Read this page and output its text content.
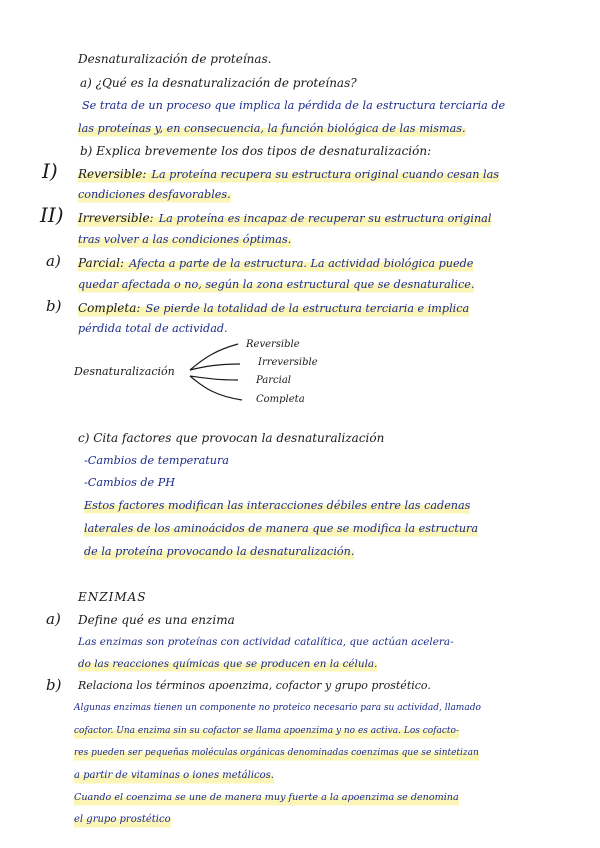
Desnaturalización de proteínas.
a) ¿Qué es la desnaturalización de proteínas?
Se trata de un proceso que implica la pérdida de la estructura terciaria de
las proteínas y, en consecuencia, la función biológica de las mismas.
b) Explica brevemente los dos tipos de desnaturalización:
I) Reversible: La proteína recupera su estructura original cuando cesan las
condiciones desfavorables.
II) Irreversible: La proteína es incapaz de recuperar su estructura original
tras volver a las condiciones óptimas.
a) Parcial: Afecta a parte de la estructura. La actividad biológica puede
quedar afectada o no, según la zona estructural que se desnaturalice.
b) Completa: Se pierde la totalidad de la estructura terciaria e implica
pérdida total de actividad.
Desnaturalización
Reversible
Irreversible
Parcial
Completa
c) Cita factores que provocan la desnaturalización
-Cambios de temperatura
-Cambios de PH
Estos factores modifican las interacciones débiles entre las cadenas
laterales de los aminoácidos de manera que se modifica la estructura
de la proteína provocando la desnaturalización.
ENZIMAS
a) Define qué es una enzima
Las enzimas son proteínas con actividad catalítica, que actúan acelera-
do las reacciones químicas que se producen en la célula.
b) Relaciona los términos apoenzima, cofactor y grupo prostético.
Algunas enzimas tienen un componente no proteico necesario para su actividad, llamado
cofactor. Una enzima sin su cofactor se llama apoenzima y no es activa. Los cofacto-
res pueden ser pequeñas moléculas orgánicas denominadas coenzimas que se sintetizan
a partir de vitaminas o iones metálicos.
Cuando el coenzima se une de manera muy fuerte a la apoenzima se denomina
el grupo prostético
